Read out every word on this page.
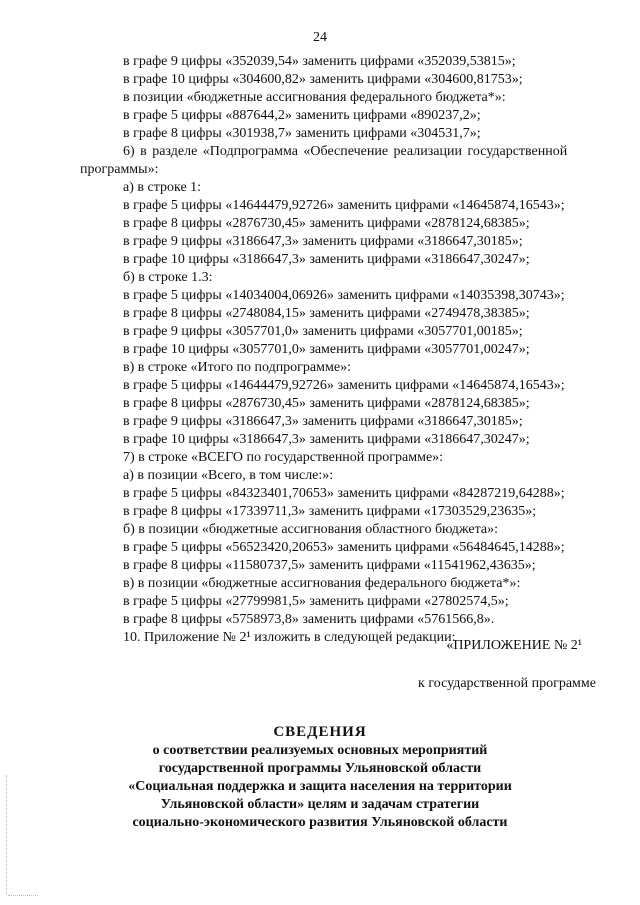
24
в графе 9 цифры «352039,54» заменить цифрами «352039,53815»;
в графе 10 цифры «304600,82» заменить цифрами «304600,81753»;
в позиции «бюджетные ассигнования федерального бюджета*»:
в графе 5 цифры «887644,2» заменить цифрами «890237,2»;
в графе 8 цифры «301938,7» заменить цифрами «304531,7»;
6) в разделе «Подпрограмма «Обеспечение реализации государственной
программы»:
а) в строке 1:
в графе 5 цифры «14644479,92726» заменить цифрами «14645874,16543»;
в графе 8 цифры «2876730,45» заменить цифрами «2878124,68385»;
в графе 9 цифры «3186647,3» заменить цифрами «3186647,30185»;
в графе 10 цифры «3186647,3» заменить цифрами «3186647,30247»;
б) в строке 1.3:
в графе 5 цифры «14034004,06926» заменить цифрами «14035398,30743»;
в графе 8 цифры «2748084,15» заменить цифрами «2749478,38385»;
в графе 9 цифры «3057701,0» заменить цифрами «3057701,00185»;
в графе 10 цифры «3057701,0» заменить цифрами «3057701,00247»;
в) в строке «Итого по подпрограмме»:
в графе 5 цифры «14644479,92726» заменить цифрами «14645874,16543»;
в графе 8 цифры «2876730,45» заменить цифрами «2878124,68385»;
в графе 9 цифры «3186647,3» заменить цифрами «3186647,30185»;
в графе 10 цифры «3186647,3» заменить цифрами «3186647,30247»;
7) в строке «ВСЕГО по государственной программе»:
а) в позиции «Всего, в том числе:»:
в графе 5 цифры «84323401,70653» заменить цифрами «84287219,64288»;
в графе 8 цифры «17339711,3» заменить цифрами «17303529,23635»;
б) в позиции «бюджетные ассигнования областного бюджета»:
в графе 5 цифры «56523420,20653» заменить цифрами «56484645,14288»;
в графе 8 цифры «11580737,5» заменить цифрами «11541962,43635»;
в) в позиции «бюджетные ассигнования федерального бюджета*»:
в графе 5 цифры «27799981,5» заменить цифрами «27802574,5»;
в графе 8 цифры «5758973,8» заменить цифрами «5761566,8».
10. Приложение № 2¹ изложить в следующей редакции:
«ПРИЛОЖЕНИЕ № 2¹
к государственной программе
СВЕДЕНИЯ
о соответствии реализуемых основных мероприятий
государственной программы Ульяновской области
«Социальная поддержка и защита населения на территории
Ульяновской области» целям и задачам стратегии
социально-экономического развития Ульяновской области
